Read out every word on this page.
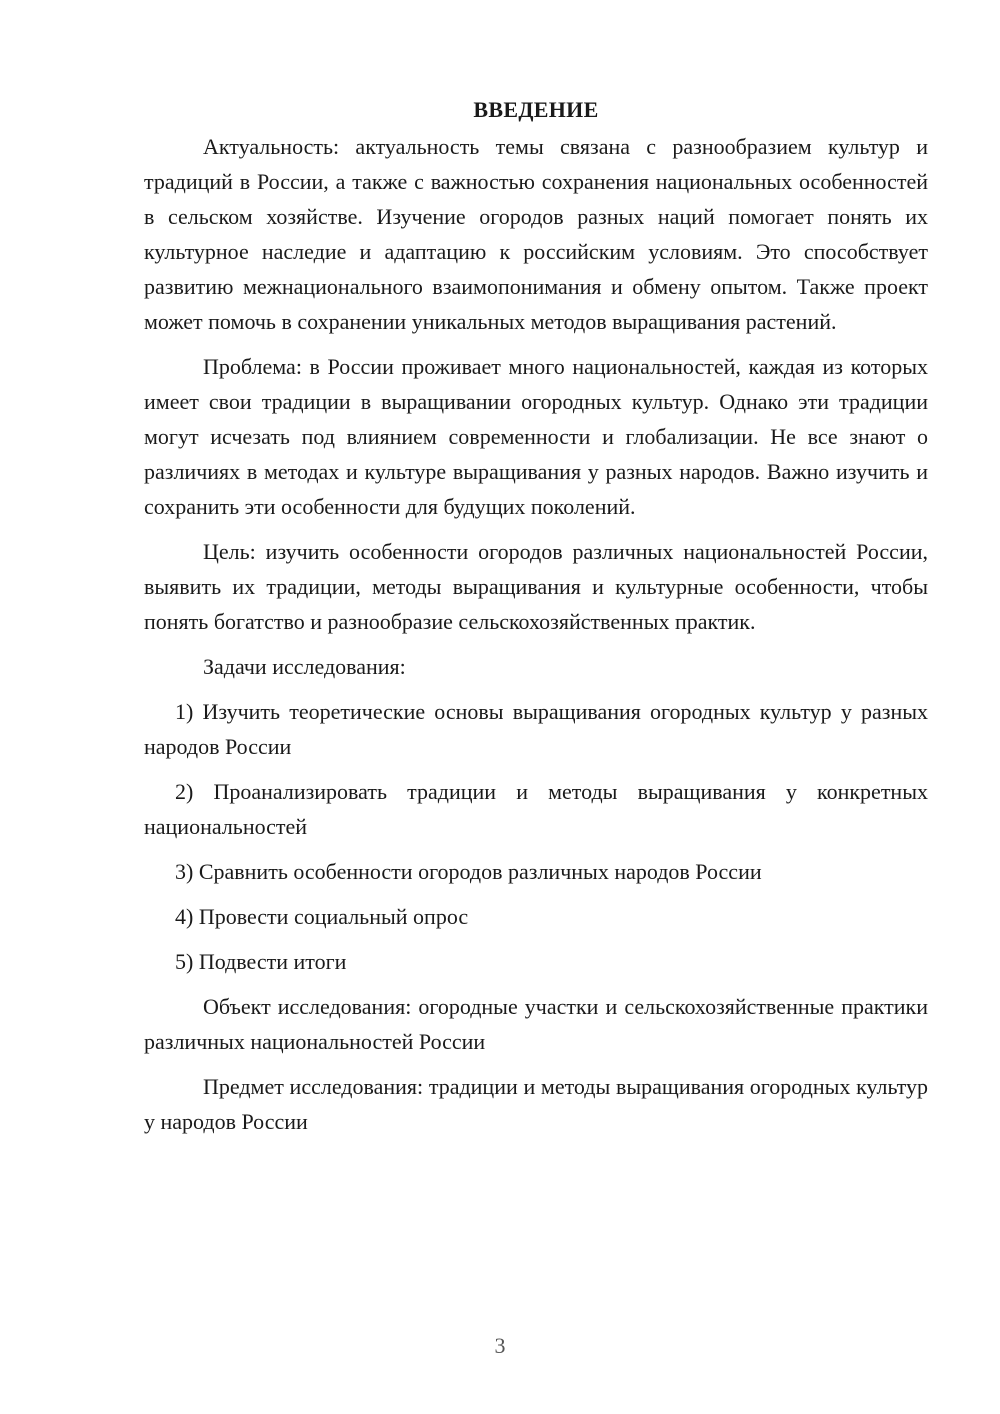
ВВЕДЕНИЕ

Актуальность: актуальность темы связана с разнообразием культур и традиций в России, а также с важностью сохранения национальных особенностей в сельском хозяйстве. Изучение огородов разных наций помогает понять их культурное наследие и адаптацию к российским условиям. Это способствует развитию межнационального взаимопонимания и обмену опытом. Также проект может помочь в сохранении уникальных методов выращивания растений.

Проблема: в России проживает много национальностей, каждая из которых имеет свои традиции в выращивании огородных культур. Однако эти традиции могут исчезать под влиянием современности и глобализации. Не все знают о различиях в методах и культуре выращивания у разных народов. Важно изучить и сохранить эти особенности для будущих поколений.

Цель: изучить особенности огородов различных национальностей России, выявить их традиции, методы выращивания и культурные особенности, чтобы понять богатство и разнообразие сельскохозяйственных практик.

Задачи исследования:

1) Изучить теоретические основы выращивания огородных культур у разных народов России

2) Проанализировать традиции и методы выращивания у конкретных национальностей

3) Сравнить особенности огородов различных народов России

4) Провести социальный опрос

5) Подвести итоги

Объект исследования: огородные участки и сельскохозяйственные практики различных национальностей России

Предмет исследования: традиции и методы выращивания огородных культур у народов России

3
